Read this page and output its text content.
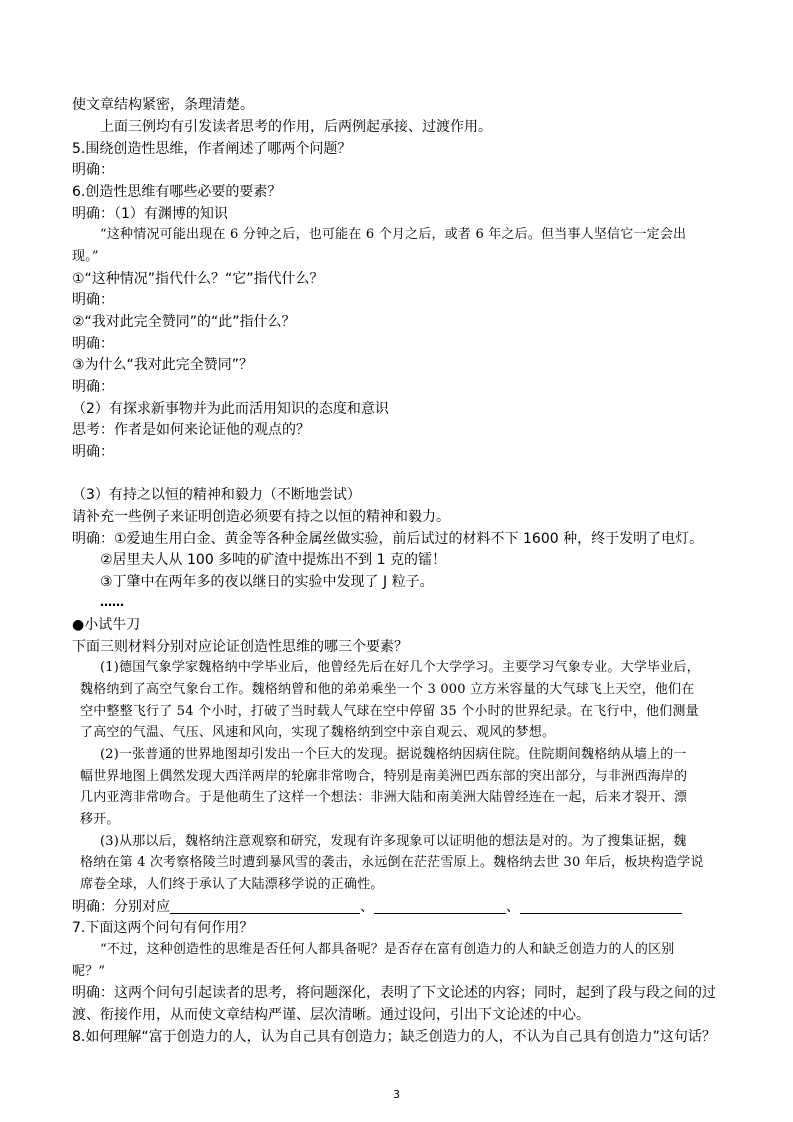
使文章结构紧密，条理清楚。
上面三例均有引发读者思考的作用，后两例起承接、过渡作用。
5.围绕创造性思维，作者阐述了哪两个问题？
明确：
6.创造性思维有哪些必要的要素？
明确：（1）有渊博的知识
“这种情况可能出现在 6 分钟之后，也可能在 6 个月之后，或者 6 年之后。但当事人坚信它一定会出
现。”
①“这种情况”指代什么？“它”指代什么？
明确：
②“我对此完全赞同”的“此”指什么？
明确：
③为什么“我对此完全赞同”？
明确：
（2）有探求新事物并为此而活用知识的态度和意识
思考：作者是如何来论证他的观点的？
明确：
（3）有持之以恒的精神和毅力（不断地尝试）
请补充一些例子来证明创造必须要有持之以恒的精神和毅力。
明确：①爱迪生用白金、黄金等各种金属丝做实验，前后试过的材料不下 1600 种，终于发明了电灯。
②居里夫人从 100 多吨的矿渣中提炼出不到 1 克的镭！
③丁肇中在两年多的夜以继日的实验中发现了 J 粒子。
……
●小试牛刀
下面三则材料分别对应论证创造性思维的哪三个要素？
(1)德国气象学家魏格纳中学毕业后，他曾经先后在好几个大学学习。主要学习气象专业。大学毕业后，
魏格纳到了高空气象台工作。魏格纳曾和他的弟弟乘坐一个 3 000 立方米容量的大气球飞上天空，他们在
空中整整飞行了 54 个小时，打破了当时载人气球在空中停留 35 个小时的世界纪录。在飞行中，他们测量
了高空的气温、气压、风速和风向，实现了魏格纳到空中亲自观云、观风的梦想。
(2)一张普通的世界地图却引发出一个巨大的发现。据说魏格纳因病住院。住院期间魏格纳从墙上的一
幅世界地图上偶然发现大西洋两岸的轮廓非常吻合，特别是南美洲巴西东部的突出部分，与非洲西海岸的
几内亚湾非常吻合。于是他萌生了这样一个想法：非洲大陆和南美洲大陆曾经连在一起，后来才裂开、漂
移开。
(3)从那以后，魏格纳注意观察和研究，发现有许多现象可以证明他的想法是对的。为了搜集证据，魏
格纳在第 4 次考察格陵兰时遭到暴风雪的袭击，永远倒在茫茫雪原上。魏格纳去世 30 年后，板块构造学说
席卷全球，人们终于承认了大陆漂移学说的正确性。
明确：分别对应	、	、
7.下面这两个问句有何作用？
“不过，这种创造性的思维是否任何人都具备呢？是否存在富有创造力的人和缺乏创造力的人的区别
呢？”
明确：这两个问句引起读者的思考，将问题深化，表明了下文论述的内容；同时，起到了段与段之间的过
渡、衔接作用，从而使文章结构严谨、层次清晰。通过设问，引出下文论述的中心。
8.如何理解“富于创造力的人，认为自己具有创造力；缺乏创造力的人，不认为自己具有创造力”这句话？
3
